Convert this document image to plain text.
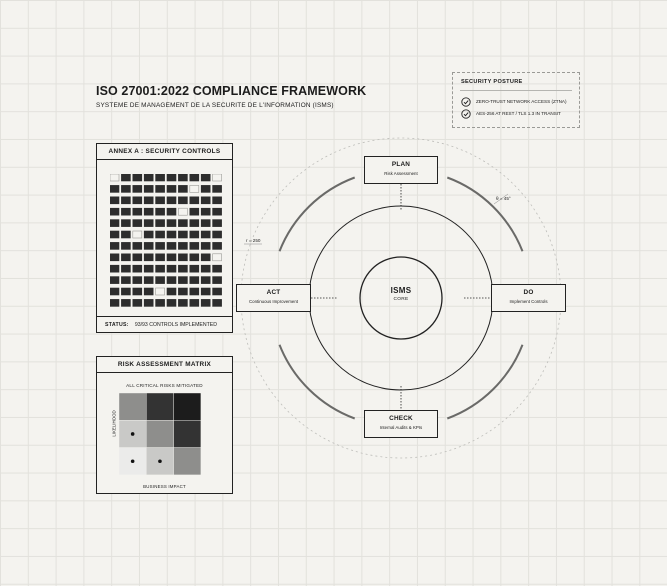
ISO 27001:2022 COMPLIANCE FRAMEWORK
SYSTEME DE MANAGEMENT DE LA SECURITE DE L'INFORMATION (ISMS)
SECURITY POSTURE
ZERO-TRUST NETWORK ACCESS (ZTNA)
AES-256 AT REST / TLS 1.3 IN TRANSIT
ANNEX A : SECURITY CONTROLS
STATUS: 93/93 CONTROLS IMPLEMENTED
RISK ASSESSMENT MATRIX
ALL CRITICAL RISKS MITIGATED
LIKELIHOOD
BUSINESS IMPACT
PLAN
Risk Assessment
DO
Implement Controls
CHECK
Internal Audits & KPIs
ACT
Continuous Improvement
ISMS
CORE
θ = 45°
r = 250
